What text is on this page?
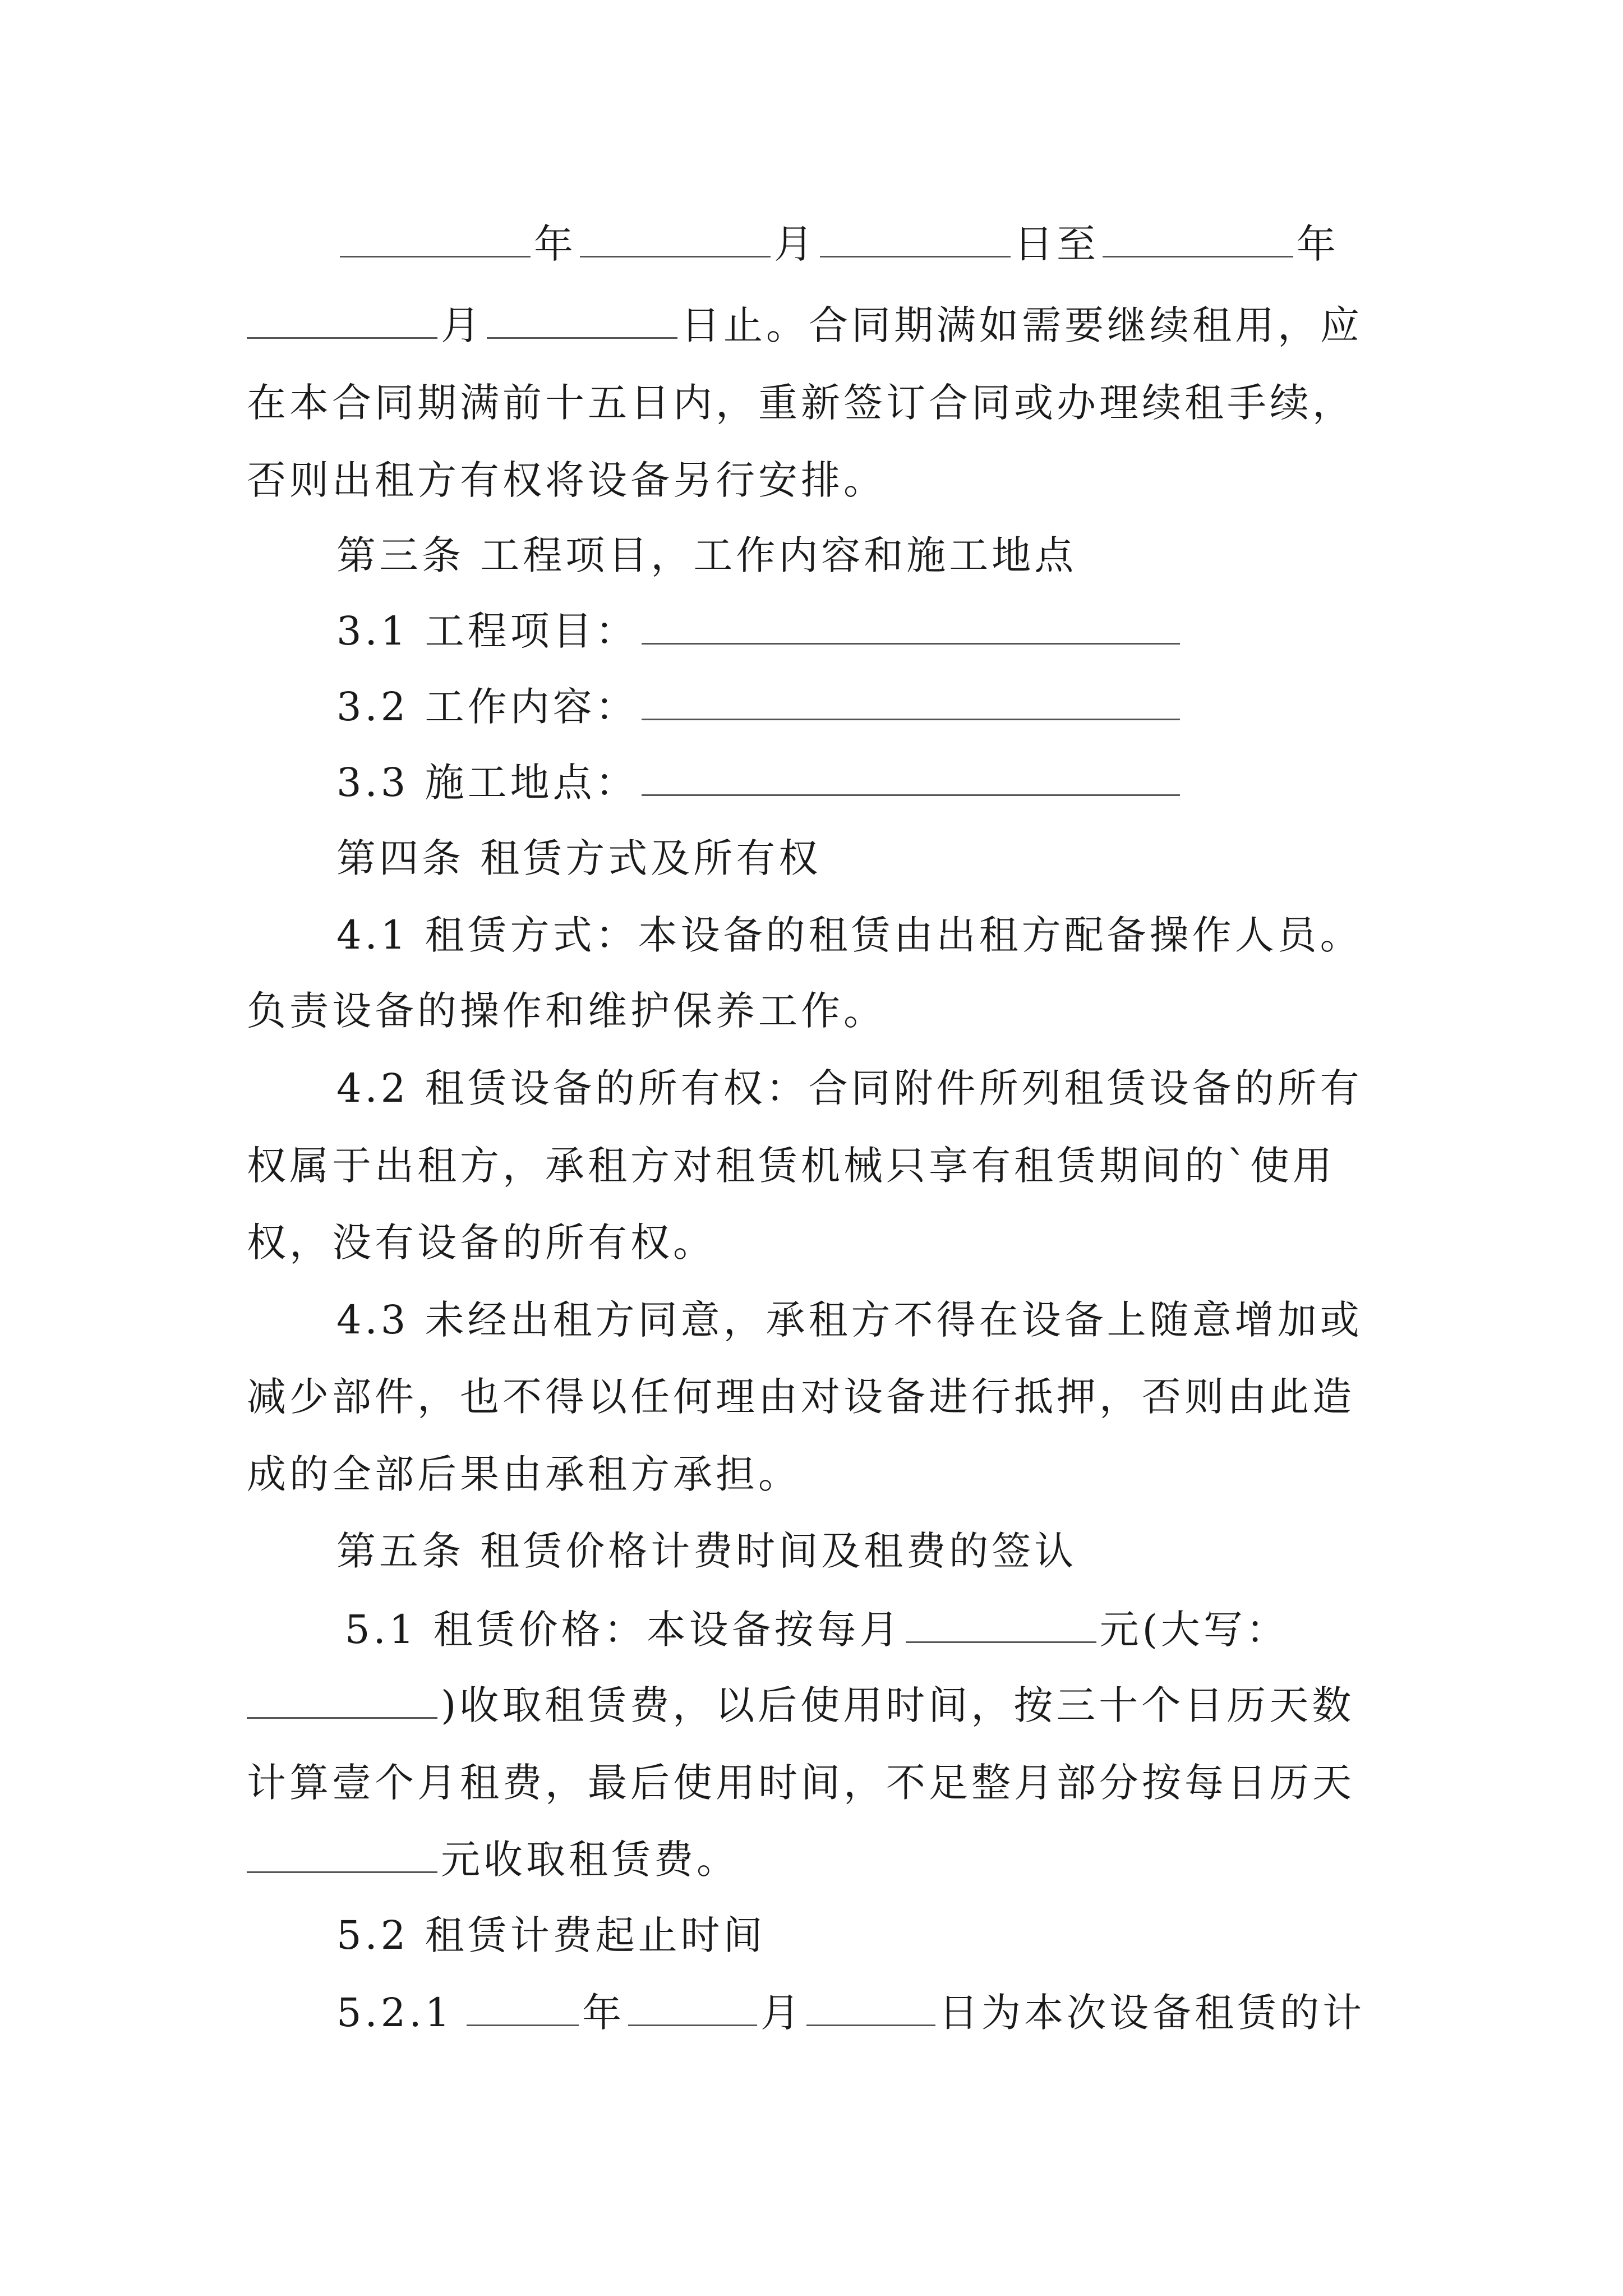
年	月	日至	年
月	日止。合同期满如需要继续租用，应
在本合同期满前十五日内，重新签订合同或办理续租手续，
否则出租方有权将设备另行安排。
第三条 工程项目，工作内容和施工地点
3.1 工程项目：
3.2 工作内容：
3.3 施工地点：
第四条 租赁方式及所有权
4.1 租赁方式：本设备的租赁由出租方配备操作人员。
负责设备的操作和维护保养工作。
4.2 租赁设备的所有权：合同附件所列租赁设备的所有
权属于出租方，承租方对租赁机械只享有租赁期间的`使用
权，没有设备的所有权。
4.3 未经出租方同意，承租方不得在设备上随意增加或
减少部件，也不得以任何理由对设备进行抵押，否则由此造
成的全部后果由承租方承担。
第五条 租赁价格计费时间及租费的签认
5.1 租赁价格：本设备按每月	元(大写：
)收取租赁费，以后使用时间，按三十个日历天数
计算壹个月租费，最后使用时间，不足整月部分按每日历天
元收取租赁费。
5.2 租赁计费起止时间
5.2.1	年	月	日为本次设备租赁的计
